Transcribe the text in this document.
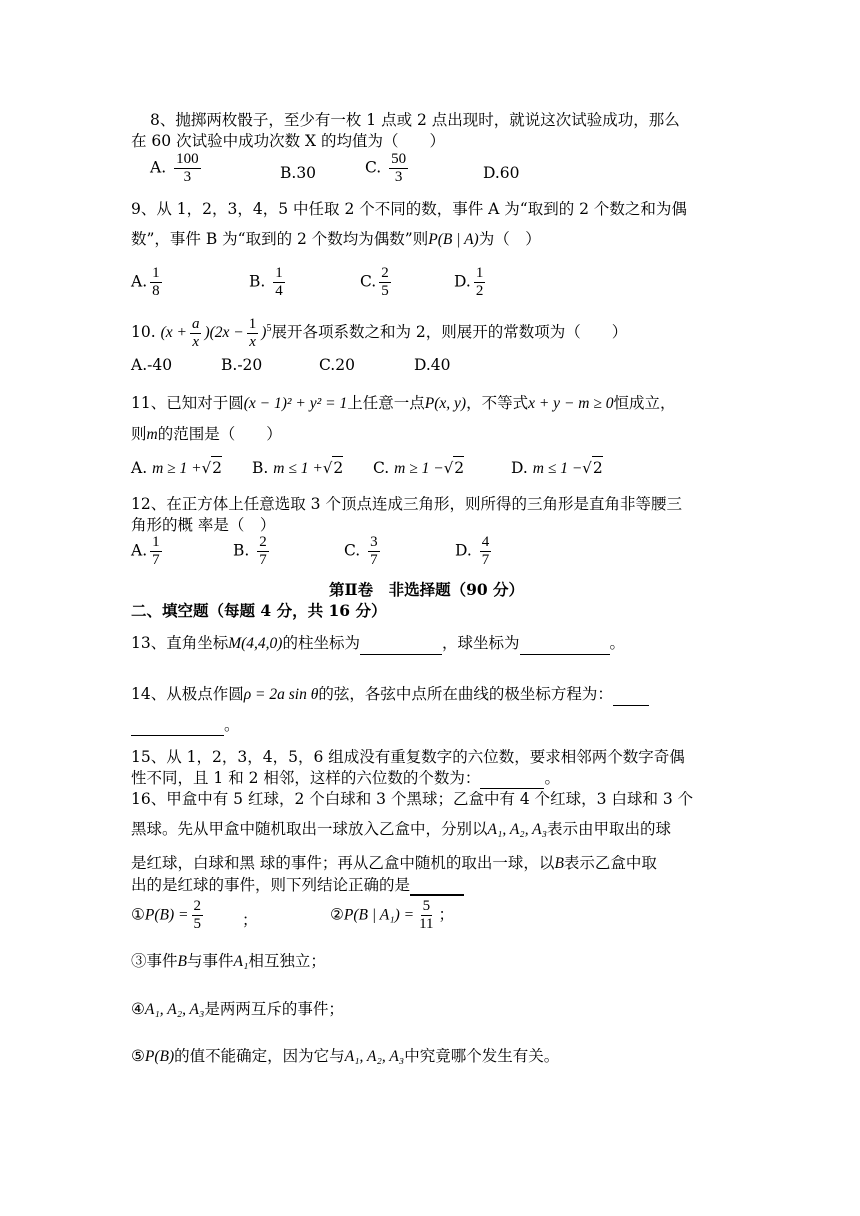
8、抛掷两枚骰子，至少有一枚 1 点或 2 点出现时，就说这次试验成功，那么
在 60 次试验中成功次数 X 的均值为（　　）
A. $\frac{100}{3}$	B.30	C. $\frac{50}{3}$	D.60
9、从 1，2，3，4，5 中任取 2 个不同的数，事件 A 为“取到的 2 个数之和为偶
数”，事件 B 为“取到的 2 个数均为偶数”则P(B | A)为（　）
A. $\frac{1}{8}$	B. $\frac{1}{4}$	C. $\frac{2}{5}$	D. $\frac{1}{2}$
10. $(x + \frac{a}{x} )(2x - \frac{1}{x} )^5$展开各项系数之和为 2，则展开的常数项为（　　）
A.-40	B.-20	C.20	D.40
11、已知对于圆(x − 1)² + y² = 1上任意一点P(x, y)，不等式x + y − m ≥ 0恒成立，
则m的范围是（　　）
A. m ≥ 1 +√2 B. m ≤ 1 +√2 C. m ≥ 1 −√2	D. m ≤ 1 −√2
12、在正方体上任意选取 3 个顶点连成三角形，则所得的三角形是直角非等腰三
角形的概 率是（　）
A. $\frac{1}{7}$	B. $\frac{2}{7}$	C. $\frac{3}{7}$	D. $\frac{4}{7}$
第Ⅱ卷　非选择题（90 分）
二、填空题（每题 4 分，共 16 分）
13、直角坐标M(4,4,0)的柱坐标为	，球坐标为	。
14、从极点作圆ρ = 2a sin θ的弦，各弦中点所在曲线的极坐标方程为：
。
15、从 1，2，3，4，5，6 组成没有重复数字的六位数，要求相邻两个数字奇偶
性不同，且 1 和 2 相邻，这样的六位数的个数为：	。
16、甲盒中有 5 红球，2 个白球和 3 个黑球；乙盒中有 4 个红球，3 白球和 3 个
黑球。先从甲盒中随机取出一球放入乙盒中，分别以A₁, A₂, A₃表示由甲取出的球
是红球，白球和黑 球的事件；再从乙盒中随机的取出一球，以B表示乙盒中取
出的是红球的事件，则下列结论正确的是
①P(B) = $\frac{2}{5}$	；	②P(B | $A_1) = \frac{5}{11}$ ；
③事件B与事件A₁相互独立；
④A₁, A₂, A₃是两两互斥的事件；
⑤P(B)的值不能确定，因为它与A₁, A₂, A₃中究竟哪个发生有关。
